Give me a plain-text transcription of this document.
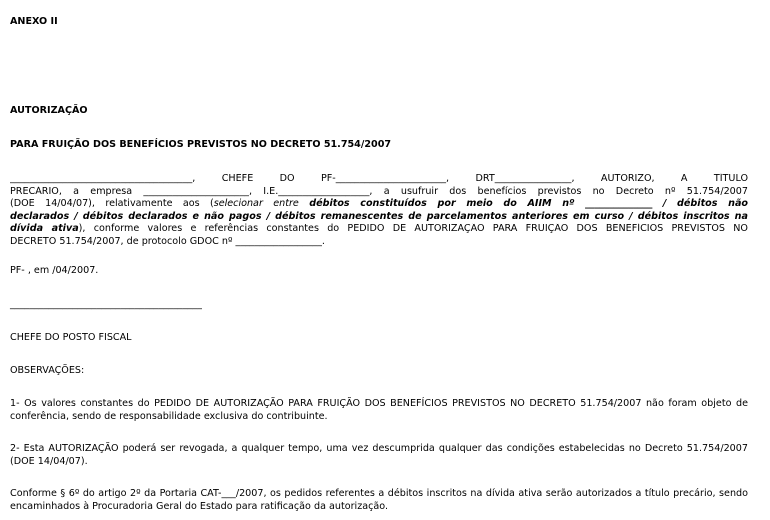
ANEXO II
AUTORIZAÇÃO
PARA FRUIÇÃO DOS BENEFÍCIOS PREVISTOS NO DECRETO 51.754/2007
______________________________________, CHEFE DO PF-_______________________, DRT________________, AUTORIZO, A TÍTULO
PRECÁRIO, a empresa ______________________, I.E.___________________, a usufruir dos benefícios previstos no Decreto nº 51.754/2007
(DOE 14/04/07), relativamente aos (selecionar entre débitos constituídos por meio do AIIM nº ______________ / débitos não
declarados / débitos declarados e não pagos / débitos remanescentes de parcelamentos anteriores em curso / débitos inscritos na
dívida ativa), conforme valores e referências constantes do PEDIDO DE AUTORIZAÇÃO PARA FRUIÇÃO DOS BENEFÍCIOS PREVISTOS NO
DECRETO 51.754/2007, de protocolo GDOC nº __________________.
PF- , em /04/2007.
________________________________________
CHEFE DO POSTO FISCAL
OBSERVAÇÕES:
1- Os valores constantes do PEDIDO DE AUTORIZAÇÃO PARA FRUIÇÃO DOS BENEFÍCIOS PREVISTOS NO DECRETO 51.754/2007 não foram objeto de conferência, sendo de responsabilidade exclusiva do contribuinte.
2- Esta AUTORIZAÇÃO poderá ser revogada, a qualquer tempo, uma vez descumprida qualquer das condições estabelecidas no Decreto 51.754/2007 (DOE 14/04/07).
Conforme § 6º do artigo 2º da Portaria CAT-___/2007, os pedidos referentes a débitos inscritos na dívida ativa serão autorizados a título precário, sendo encaminhados à Procuradoria Geral do Estado para ratificação da autorização.
